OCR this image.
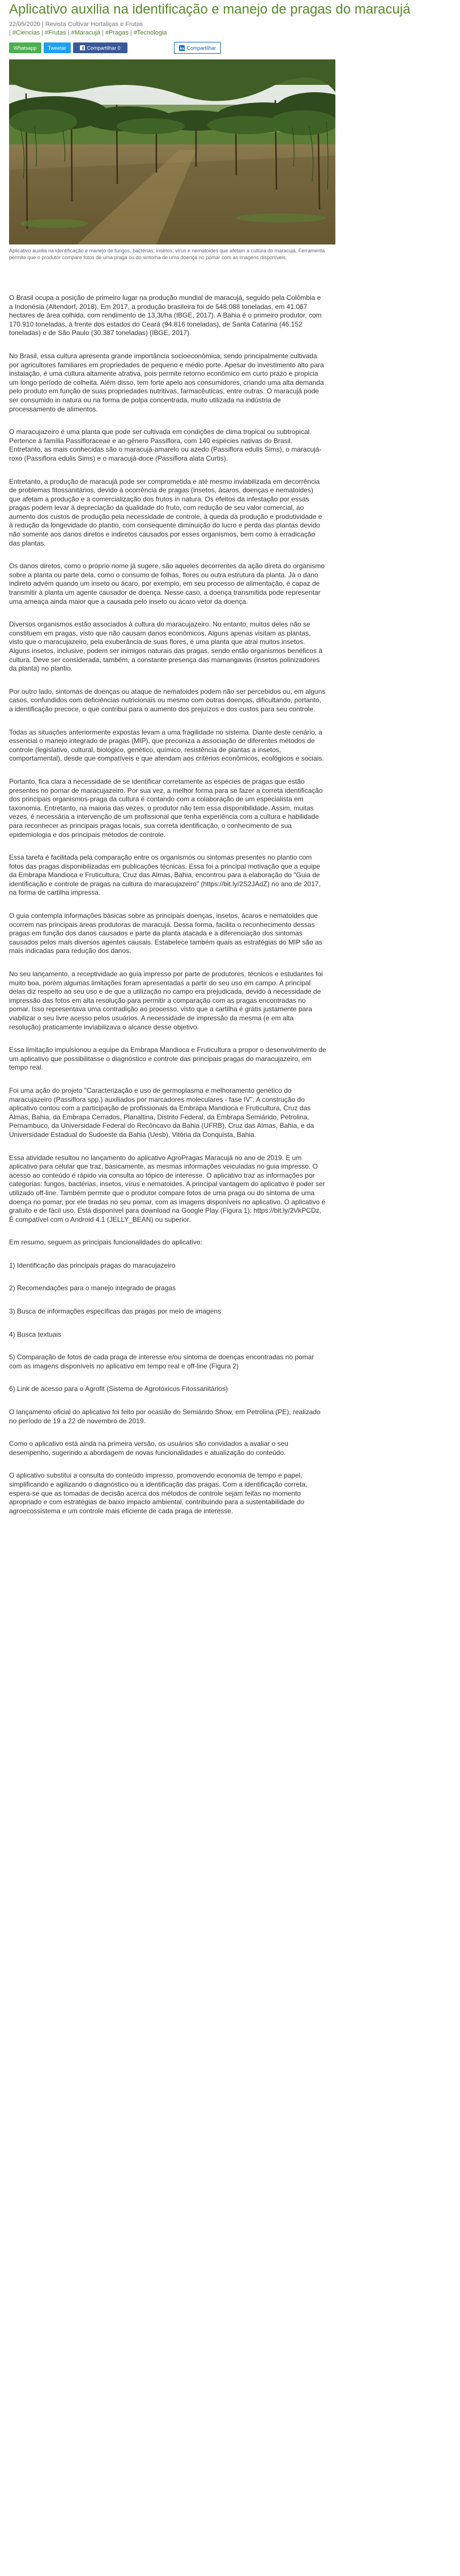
Aplicativo auxilia na identificação e manejo de pragas do maracujá
22/05/2020 | Revista Cultivar Hortaliças e Frutas
| #Ciencias | #Frutas | #Maracujá | #Pragas | #Tecnologia
Whatsapp Tweetar	Compartilhar 0	Compartilhar

Aplicativo auxilia na identificação e manejo de fungos, bactérias, insetos, vírus e nematoides que afetam a cultura do maracujá. Ferramenta permite que o produtor compare fotos de uma praga ou do sintoma de uma doença no pomar com as imagens disponíveis.

O Brasil ocupa a posição de primeiro lugar na produção mundial de maracujá, seguido pela Colômbia e a Indonésia (Altendorf, 2018). Em 2017, a produção brasileira foi de 548.088 toneladas, em 41.067 hectares de área colhida, com rendimento de 13,3t/ha (IBGE, 2017). A Bahia é o primeiro produtor, com 170.910 toneladas, à frente dos estados do Ceará (94.816 toneladas), de Santa Catarina (46.152 toneladas) e de São Paulo (30.387 toneladas) (IBGE, 2017).

No Brasil, essa cultura apresenta grande importância socioeconômica, sendo principalmente cultivada por agricultores familiares em propriedades de pequeno e médio porte. Apesar do investimento alto para instalação, é uma cultura altamente atrativa, pois permite retorno econômico em curto prazo e propicia um longo período de colheita. Além disso, tem forte apelo aos consumidores, criando uma alta demanda pelo produto em função de suas propriedades nutritivas, farmacêuticas, entre outras. O maracujá pode ser consumido in natura ou na forma de polpa concentrada, muito utilizada na indústria de processamento de alimentos.

O maracujazeiro é uma planta que pode ser cultivada em condições de clima tropical ou subtropical. Pertence à família Passifloraceae e ao gênero Passiflora, com 140 espécies nativas do Brasil. Entretanto, as mais conhecidas são o maracujá-amarelo ou azedo (Passiflora edulis Sims), o maracujá-roxo (Passiflora edulis Sims) e o maracujá-doce (Passiflora alata Curtis).

Entretanto, a produção de maracujá pode ser comprometida e até mesmo inviabilizada em decorrência de problemas fitossanitários, devido à ocorrência de pragas (insetos, ácaros, doenças e nematoides) que afetam a produção e a comercialização dos frutos in natura. Os efeitos da infestação por essas pragas podem levar à depreciação da qualidade do fruto, com redução de seu valor comercial, ao aumento dos custos de produção pela necessidade de controle, à queda da produção e produtividade e à redução da longevidade do plantio, com consequente diminuição do lucro e perda das plantas devido não somente aos danos diretos e indiretos causados por esses organismos, bem como à erradicação das plantas.

Os danos diretos, como o próprio nome já sugere, são aqueles decorrentes da ação direta do organismo sobre a planta ou parte dela, como o consumo de folhas, flores ou outra estrutura da planta. Já o dano indireto advém quando um inseto ou ácaro, por exemplo, em seu processo de alimentação, é capaz de transmitir à planta um agente causador de doença. Nesse caso, a doença transmitida pode representar uma ameaça ainda maior que a causada pelo inseto ou ácaro vetor da doença.

Diversos organismos estão associados à cultura do maracujazeiro. No entanto, muitos deles não se constituem em pragas, visto que não causam danos econômicos. Alguns apenas visitam as plantas, visto que o maracujazeiro, pela exuberância de suas flores, é uma planta que atrai muitos insetos. Alguns insetos, inclusive, podem ser inimigos naturais das pragas, sendo então organismos benéficos à cultura. Deve ser considerada, também, a constante presença das mamangavas (insetos polinizadores da planta) no plantio.

Por outro lado, sintomas de doenças ou ataque de nematoides podem não ser percebidos ou, em alguns casos, confundidos com deficiências nutricionais ou mesmo com outras doenças, dificultando, portanto, a identificação precoce, o que contribui para o aumento dos prejuízos e dos custos para seu controle.

Todas as situações anteriormente expostas levam a uma fragilidade no sistema. Diante deste cenário, a essencial o manejo integrado de pragas (MIP), que preconiza a associação de diferentes métodos de controle (legislativo, cultural, biológico, genético, químico, resistência de plantas a insetos, comportamental), desde que compatíveis e que atendam aos critérios econômicos, ecológicos e sociais.

Portanto, fica clara a necessidade de se identificar corretamente as espécies de pragas que estão presentes no pomar de maracujazeiro. Por sua vez, a melhor forma para se fazer a correta identificação dos principais organismos-praga da cultura é contando com a colaboração de um especialista em taxonomia. Entretanto, na maioria das vezes, o produtor não tem essa disponibilidade. Assim, muitas vezes, é necessária a intervenção de um profissional que tenha experiência com a cultura e habilidade para reconhecer as principais pragas locais, sua correta identificação, o conhecimento de sua epidemiologia e dos principais métodos de controle.

Essa tarefa é facilitada pela comparação entre os organismos ou sintomas presentes no plantio com fotos das pragas disponibilizadas em publicações técnicas. Essa foi a principal motivação que a equipe da Embrapa Mandioca e Fruticultura, Cruz das Almas, Bahia, encontrou para a elaboração do "Guia de identificação e controle de pragas na cultura do maracujazeiro" (https://bit.ly/2S2JAdZ) no ano de 2017, na forma de cartilha impressa.

O guia contempla informações básicas sobre as principais doenças, insetos, ácaros e nematoides que ocorrem nas principais áreas produtoras de maracujá. Dessa forma, facilita o reconhecimento dessas pragas em função dos danos causados e parte da planta atacada e a diferenciação dos sintomas causados pelos mais diversos agentes causais. Estabelece também quais as estratégias do MIP são as mais indicadas para redução dos danos.

No seu lançamento, a receptividade ao guia impresso por parte de produtores, técnicos e estudantes foi muito boa, porém algumas limitações foram apresentadas a partir do seu uso em campo. A principal delas diz respeito ao seu uso e de que a utilização no campo era prejudicada, devido à necessidade de impressão das fotos em alta resolução para permitir a comparação com as pragas encontradas no pomar. Isso representava uma contradição ao processo, visto que a cartilha é grátis justamente para viabilizar o seu livre acesso pelos usuários. A necessidade de impressão da mesma (e em alta resolução) praticamente inviabilizava o alcance desse objetivo.

Essa limitação impulsionou a equipe da Embrapa Mandioca e Fruticultura a propor o desenvolvimento de um aplicativo que possibilitasse o diagnóstico e controle das principais pragas do maracujazeiro, em tempo real.

Foi uma ação do projeto "Caracterização e uso de germoplasma e melhoramento genético do maracujazeiro (Passiflora spp.) auxiliados por marcadores moleculares - fase IV". A construção do aplicativo contou com a participação de profissionais da Embrapa Mandioca e Fruticultura, Cruz das Almas, Bahia, da Embrapa Cerrados, Planaltina, Distrito Federal, da Embrapa Semiárido, Petrolina, Pernambuco, da Universidade Federal do Recôncavo da Bahia (UFRB), Cruz das Almas, Bahia, e da Universidade Estadual do Sudoeste da Bahia (Uesb), Vitória da Conquista, Bahia.

Essa atividade resultou no lançamento do aplicativo AgroPragas Maracujá no ano de 2019. E um aplicativo para celular que traz, basicamente, as mesmas informações veiculadas no guia impresso. O acesso ao conteúdo é rápido via consulta ao tópico de interesse. O aplicativo traz as informações por categorias: fungos, bactérias, insetos, vírus e nematoides. A principal vantagem do aplicativo é poder ser utilizado off-line. Também permite que o produtor compare fotos de uma praga ou do sintoma de uma doença no pomar, por ele tiradas no seu pomar, com as imagens disponíveis no aplicativo. O aplicativo é gratuito e de fácil uso. Está disponível para download na Google Play (Figura 1): https://bit.ly/2VkPCDz, É compatível com o Android 4.1 (JELLY_BEAN) ou superior.

Em resumo, seguem as principais funcionalidades do aplicativo:

1) Identificação das principais pragas do maracujazeiro

2) Recomendações para o manejo integrado de pragas

3) Busca de informações específicas das pragas por meio de imagens

4) Busca textuais

5) Comparação de fotos de cada praga de interesse e/ou sintoma de doenças encontradas no pomar com as imagens disponíveis no aplicativo em tempo real e off-line (Figura 2)

6) Link de acesso para o Agrofit (Sistema de Agrotóxicos Fitossanitários)

O lançamento oficial do aplicativo foi feito por ocasião do Semiárido Show, em Petrolina (PE), realizado no período de 19 a 22 de novembro de 2019.

Como o aplicativo está ainda na primeira versão, os usuários são convidados a avaliar o seu desempenho, sugerindo a abordagem de novas funcionalidades e atualização do conteúdo.

O aplicativo substitui a consulta do conteúdo impresso, promovendo economia de tempo e papel, simplificando e agilizando o diagnóstico ou a identificação das pragas. Com a identificação correta, espera-se que as tomadas de decisão acerca dos métodos de controle sejam feitas no momento apropriado e com estratégias de baixo impacto ambiental, contribuindo para a sustentabilidade do agroecossistema e um controle mais eficiente de cada praga de interesse.
